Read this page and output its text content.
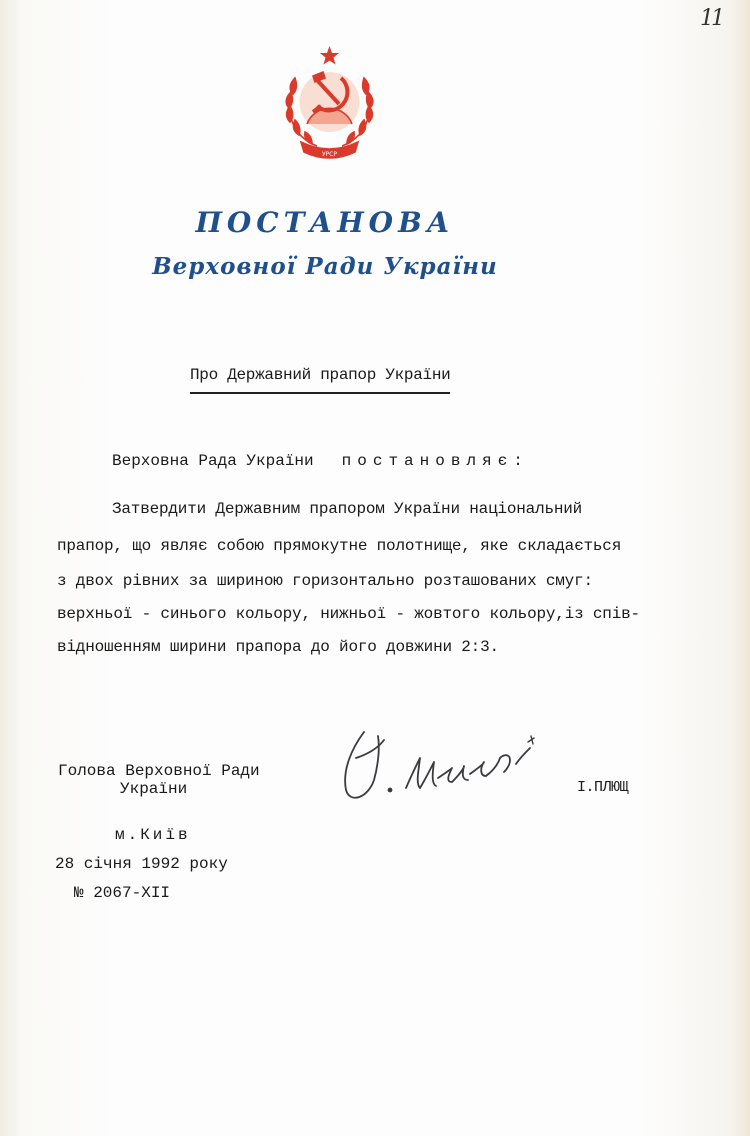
11
УРСР
ПОСТАНОВА
Верховної Ради України
Про Державний прапор України
Верховна Рада України постановляє:
Затвердити Державним прапором України національний
прапор, що являє собою прямокутне полотнище, яке складається
з двох рівних за шириною горизонтально розташованих смуг:
верхньої - синього кольору, нижньої - жовтого кольору,із спів-
відношенням ширини прапора до його довжини 2:3.
Голова Верховної Ради
України	І.ПЛЮЩ
м.Київ
28 січня 1992 року
№ 2067-ХІІ
